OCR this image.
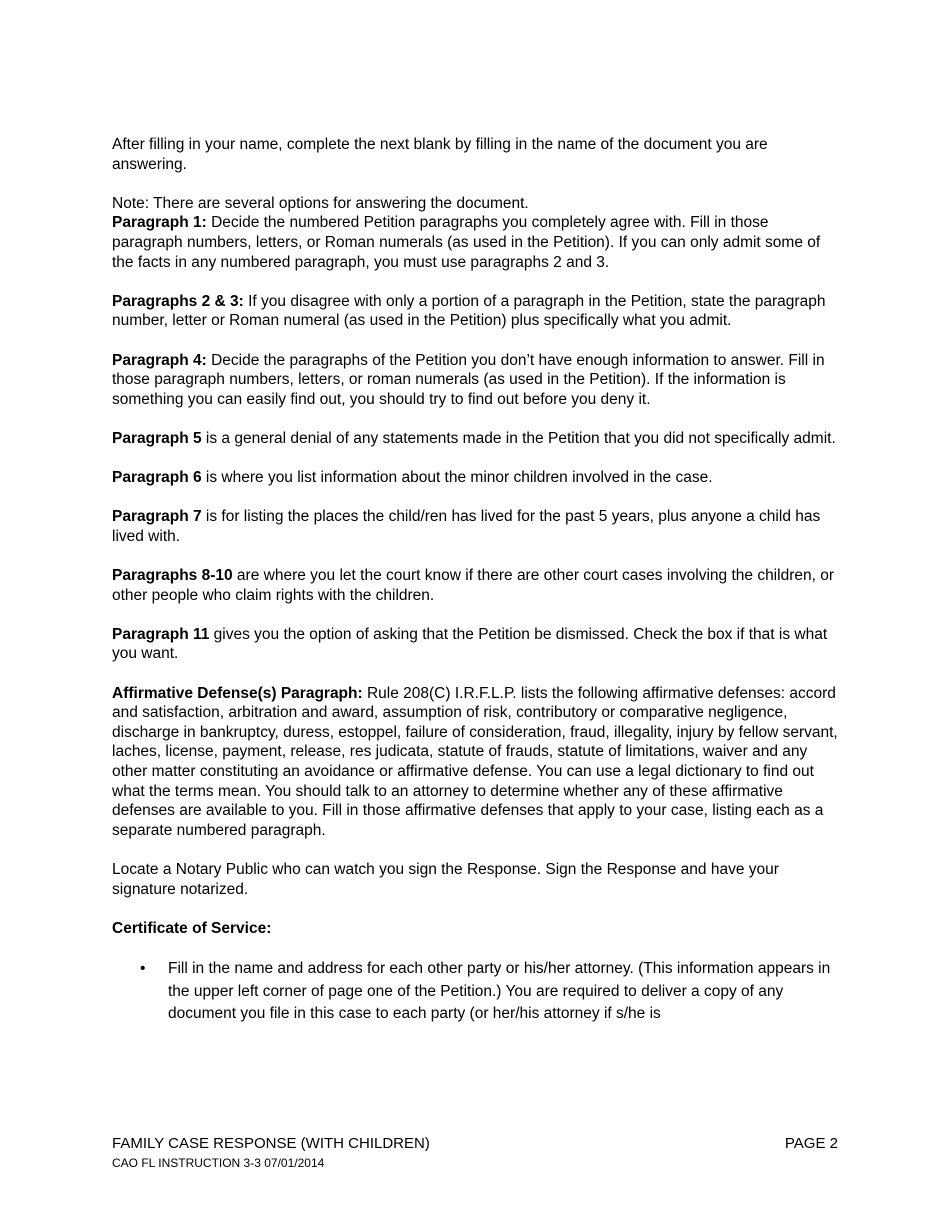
After filling in your name, complete the next blank by filling in the name of the document you are answering.

Note: There are several options for answering the document.

Paragraph 1: Decide the numbered Petition paragraphs you completely agree with. Fill in those paragraph numbers, letters, or Roman numerals (as used in the Petition). If you can only admit some of the facts in any numbered paragraph, you must use paragraphs 2 and 3.

Paragraphs 2 & 3: If you disagree with only a portion of a paragraph in the Petition, state the paragraph number, letter or Roman numeral (as used in the Petition) plus specifically what you admit.

Paragraph 4: Decide the paragraphs of the Petition you don’t have enough information to answer. Fill in those paragraph numbers, letters, or roman numerals (as used in the Petition). If the information is something you can easily find out, you should try to find out before you deny it.

Paragraph 5 is a general denial of any statements made in the Petition that you did not specifically admit.

Paragraph 6 is where you list information about the minor children involved in the case.

Paragraph 7 is for listing the places the child/ren has lived for the past 5 years, plus anyone a child has lived with.

Paragraphs 8-10 are where you let the court know if there are other court cases involving the children, or other people who claim rights with the children.

Paragraph 11 gives you the option of asking that the Petition be dismissed. Check the box if that is what you want.

Affirmative Defense(s) Paragraph: Rule 208(C) I.R.F.L.P. lists the following affirmative defenses: accord and satisfaction, arbitration and award, assumption of risk, contributory or comparative negligence, discharge in bankruptcy, duress, estoppel, failure of consideration, fraud, illegality, injury by fellow servant, laches, license, payment, release, res judicata, statute of frauds, statute of limitations, waiver and any other matter constituting an avoidance or affirmative defense. You can use a legal dictionary to find out what the terms mean. You should talk to an attorney to determine whether any of these affirmative defenses are available to you. Fill in those affirmative defenses that apply to your case, listing each as a separate numbered paragraph.

Locate a Notary Public who can watch you sign the Response. Sign the Response and have your signature notarized.

Certificate of Service:

• Fill in the name and address for each other party or his/her attorney. (This information appears in the upper left corner of page one of the Petition.) You are required to deliver a copy of any document you file in this case to each party (or her/his attorney if s/he is
FAMILY CASE RESPONSE (WITH CHILDREN)	PAGE 2
CAO FL INSTRUCTION 3-3 07/01/2014
